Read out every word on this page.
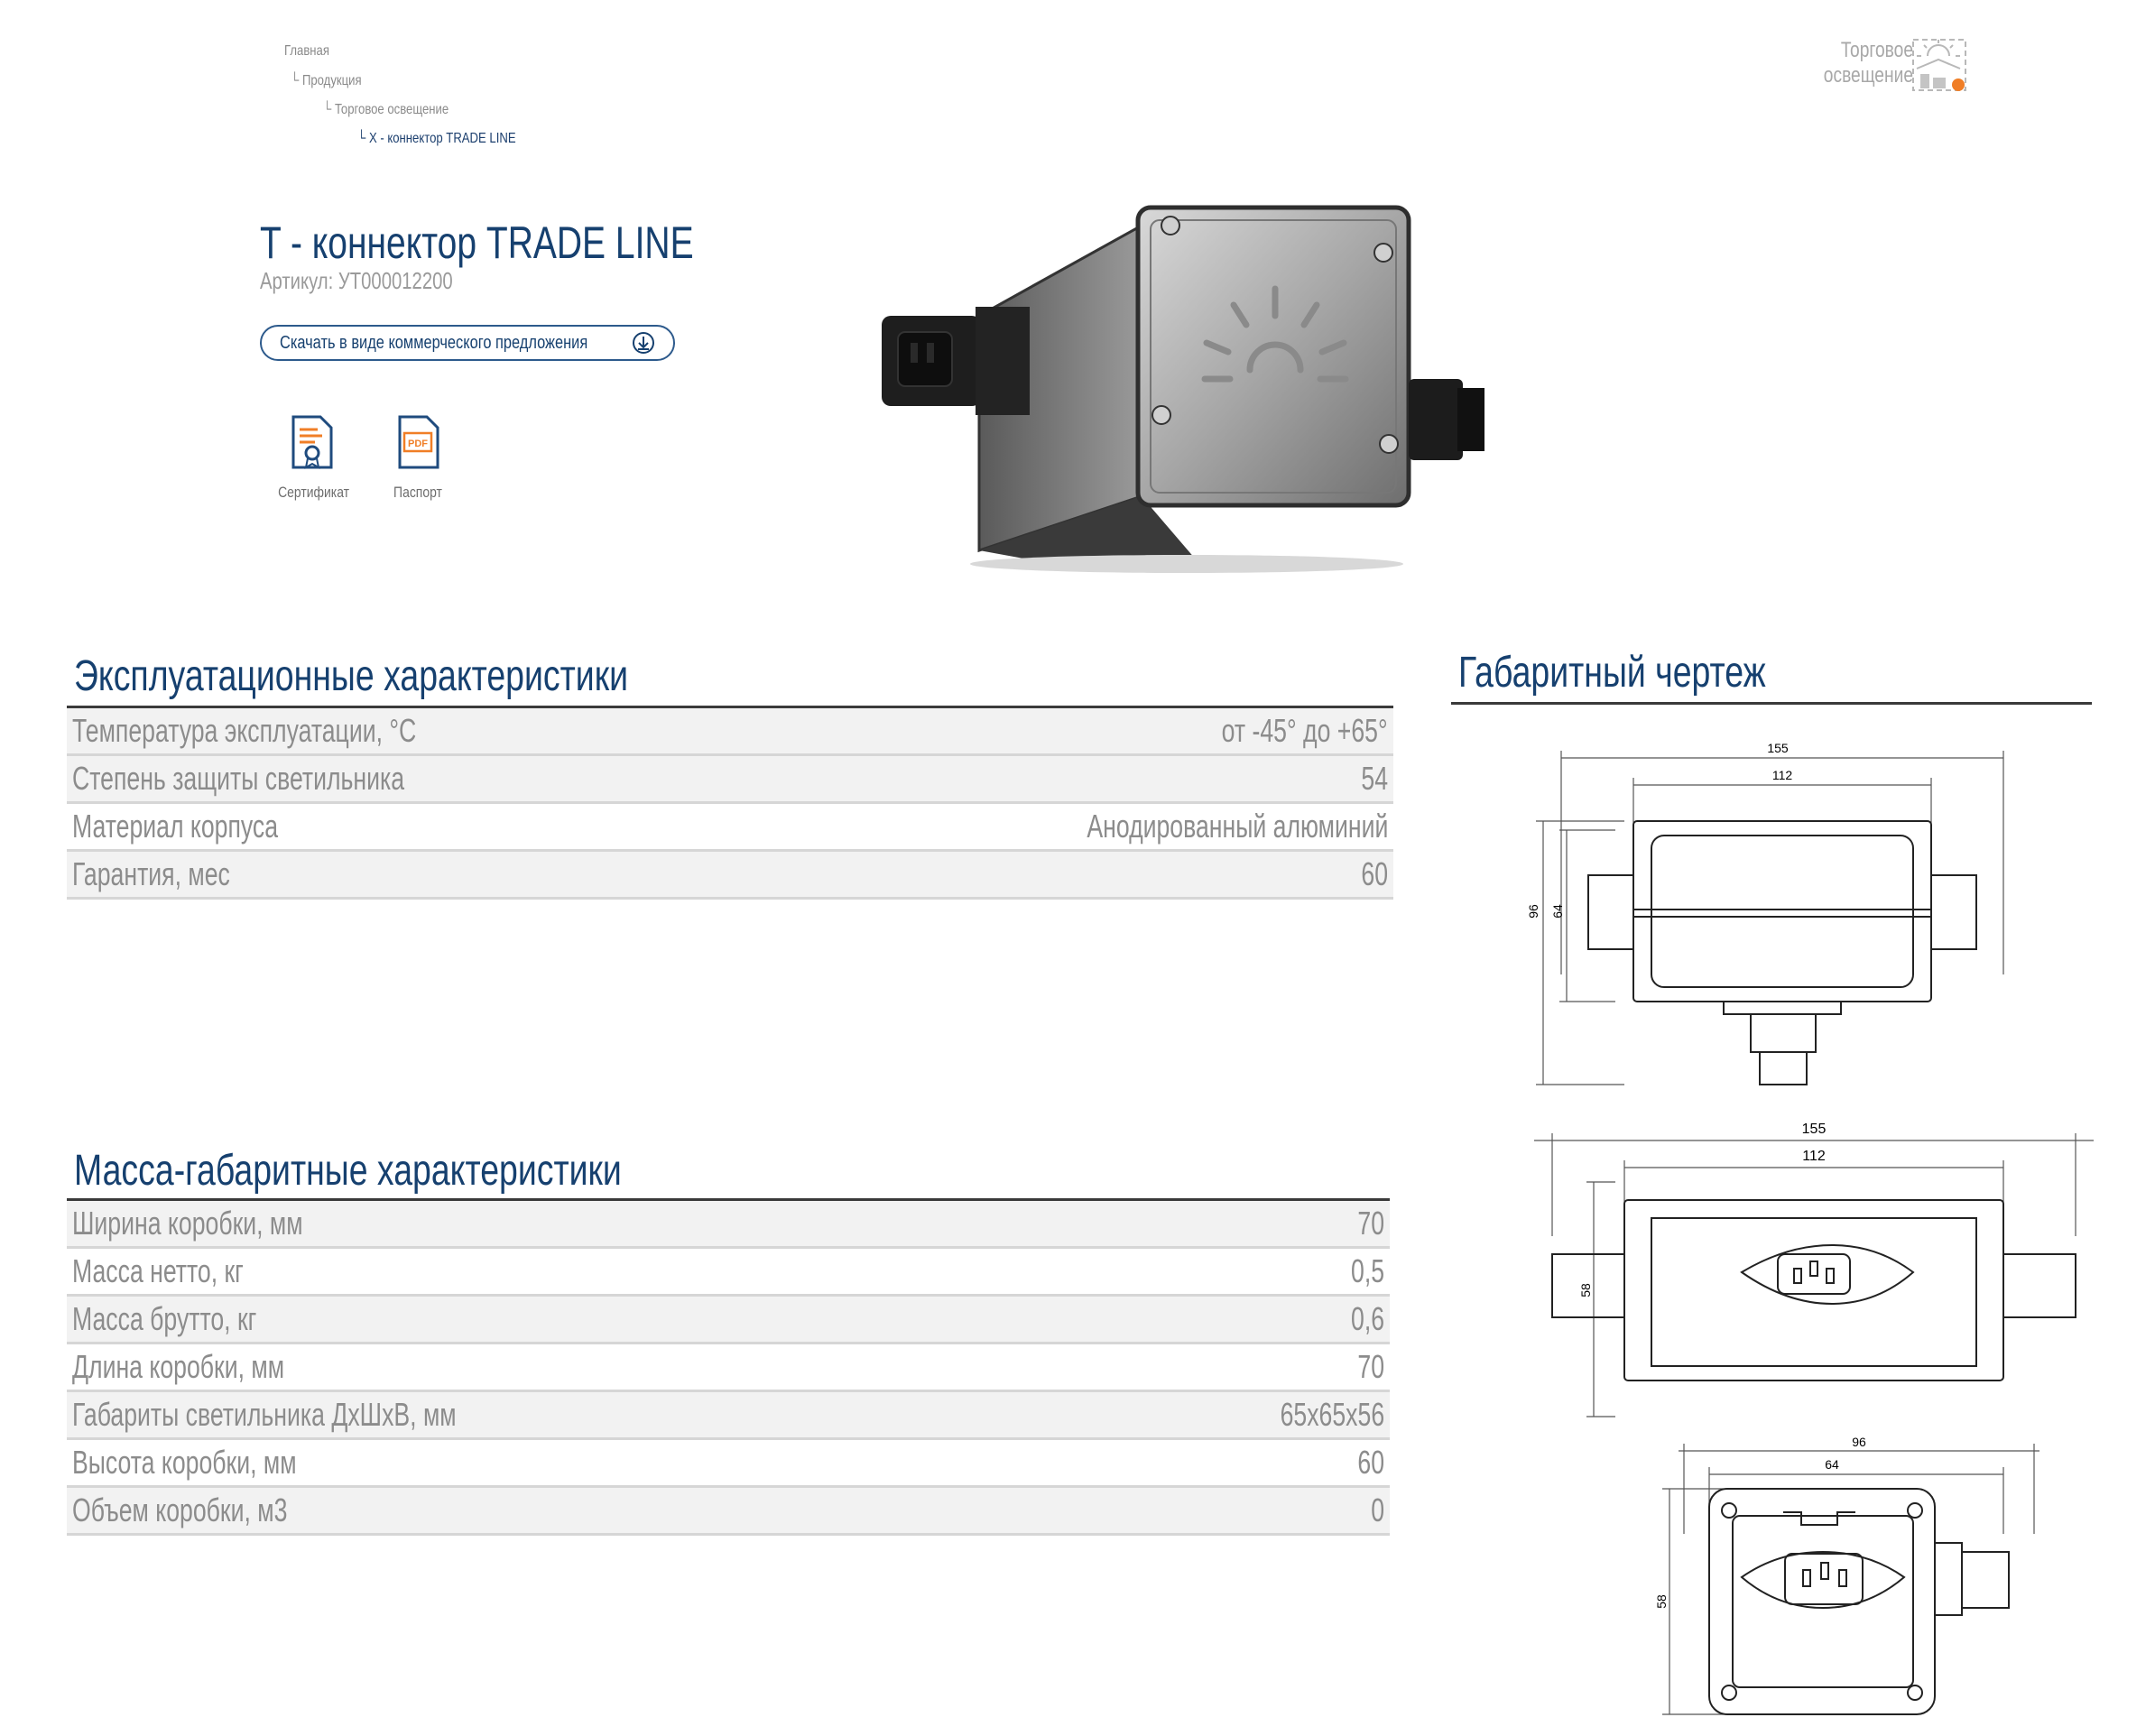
Главная
└ Продукция
└ Торговое освещение
└ X - коннектор TRADE LINE
Торговое
освещение
T - коннектор TRADE LINE
Артикул: УТ000012200
Скачать в виде коммерческого предложения
Сертификат
PDF
Паспорт
Эксплуатационные характеристики
Температура эксплуатации, °C	от -45° до +65°
Степень защиты светильника	54
Материал корпуса	Анодированный алюминий
Гарантия, мес	60
Масса-габаритные характеристики
Ширина коробки, мм	70
Масса нетто, кг	0,5
Масса брутто, кг	0,6
Длина коробки, мм	70
Габариты светильника ДхШхВ, мм	65x65x56
Высота коробки, мм	60
Объем коробки, м3	0
Габаритный чертеж
155
112
96 64
155
112
58
96
64
58
